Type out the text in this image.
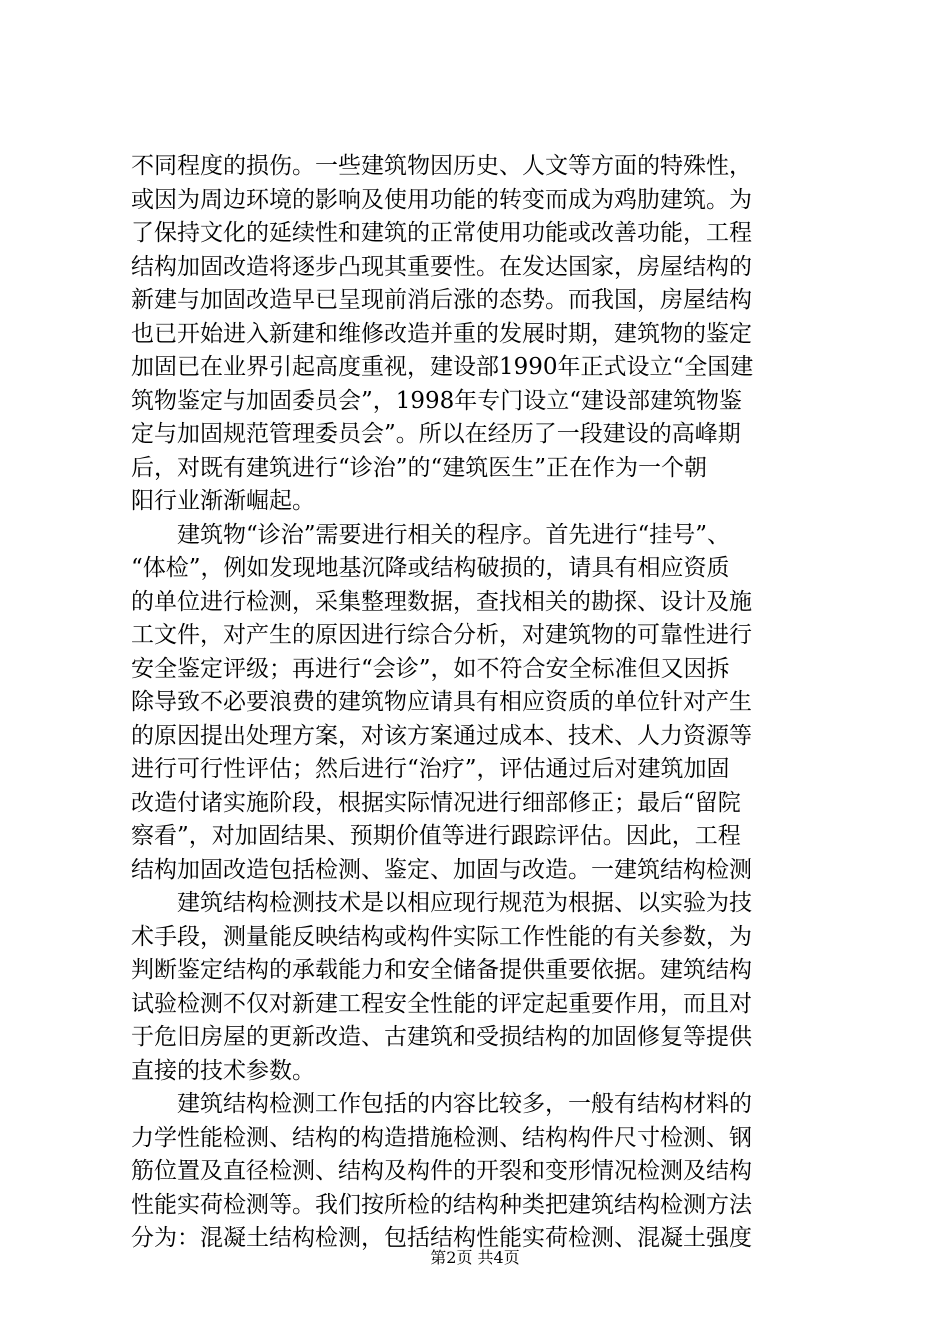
不同程度的损伤。一些建筑物因历史、人文等方面的特殊性，
或因为周边环境的影响及使用功能的转变而成为鸡肋建筑。为
了保持文化的延续性和建筑的正常使用功能或改善功能，工程
结构加固改造将逐步凸现其重要性。在发达国家，房屋结构的
新建与加固改造早已呈现前消后涨的态势。而我国，房屋结构
也已开始进入新建和维修改造并重的发展时期，建筑物的鉴定
加固已在业界引起高度重视，建设部1990年正式设立“全国建
筑物鉴定与加固委员会”，1998年专门设立“建设部建筑物鉴
定与加固规范管理委员会”。所以在经历了一段建设的高峰期
后，对既有建筑进行“诊治”的“建筑医生”正在作为一个朝
阳行业渐渐崛起。
　　建筑物“诊治”需要进行相关的程序。首先进行“挂号”、
“体检”，例如发现地基沉降或结构破损的，请具有相应资质
的单位进行检测，采集整理数据，查找相关的勘探、设计及施
工文件，对产生的原因进行综合分析，对建筑物的可靠性进行
安全鉴定评级；再进行“会诊”，如不符合安全标准但又因拆
除导致不必要浪费的建筑物应请具有相应资质的单位针对产生
的原因提出处理方案，对该方案通过成本、技术、人力资源等
进行可行性评估；然后进行“治疗”，评估通过后对建筑加固
改造付诸实施阶段，根据实际情况进行细部修正；最后“留院
察看”，对加固结果、预期价值等进行跟踪评估。因此，工程
结构加固改造包括检测、鉴定、加固与改造。一建筑结构检测
　　建筑结构检测技术是以相应现行规范为根据、以实验为技
术手段，测量能反映结构或构件实际工作性能的有关参数，为
判断鉴定结构的承载能力和安全储备提供重要依据。建筑结构
试验检测不仅对新建工程安全性能的评定起重要作用，而且对
于危旧房屋的更新改造、古建筑和受损结构的加固修复等提供
直接的技术参数。
　　建筑结构检测工作包括的内容比较多，一般有结构材料的
力学性能检测、结构的构造措施检测、结构构件尺寸检测、钢
筋位置及直径检测、结构及构件的开裂和变形情况检测及结构
性能实荷检测等。我们按所检的结构种类把建筑结构检测方法
分为：混凝土结构检测，包括结构性能实荷检测、混凝土强度
第2页 共4页
